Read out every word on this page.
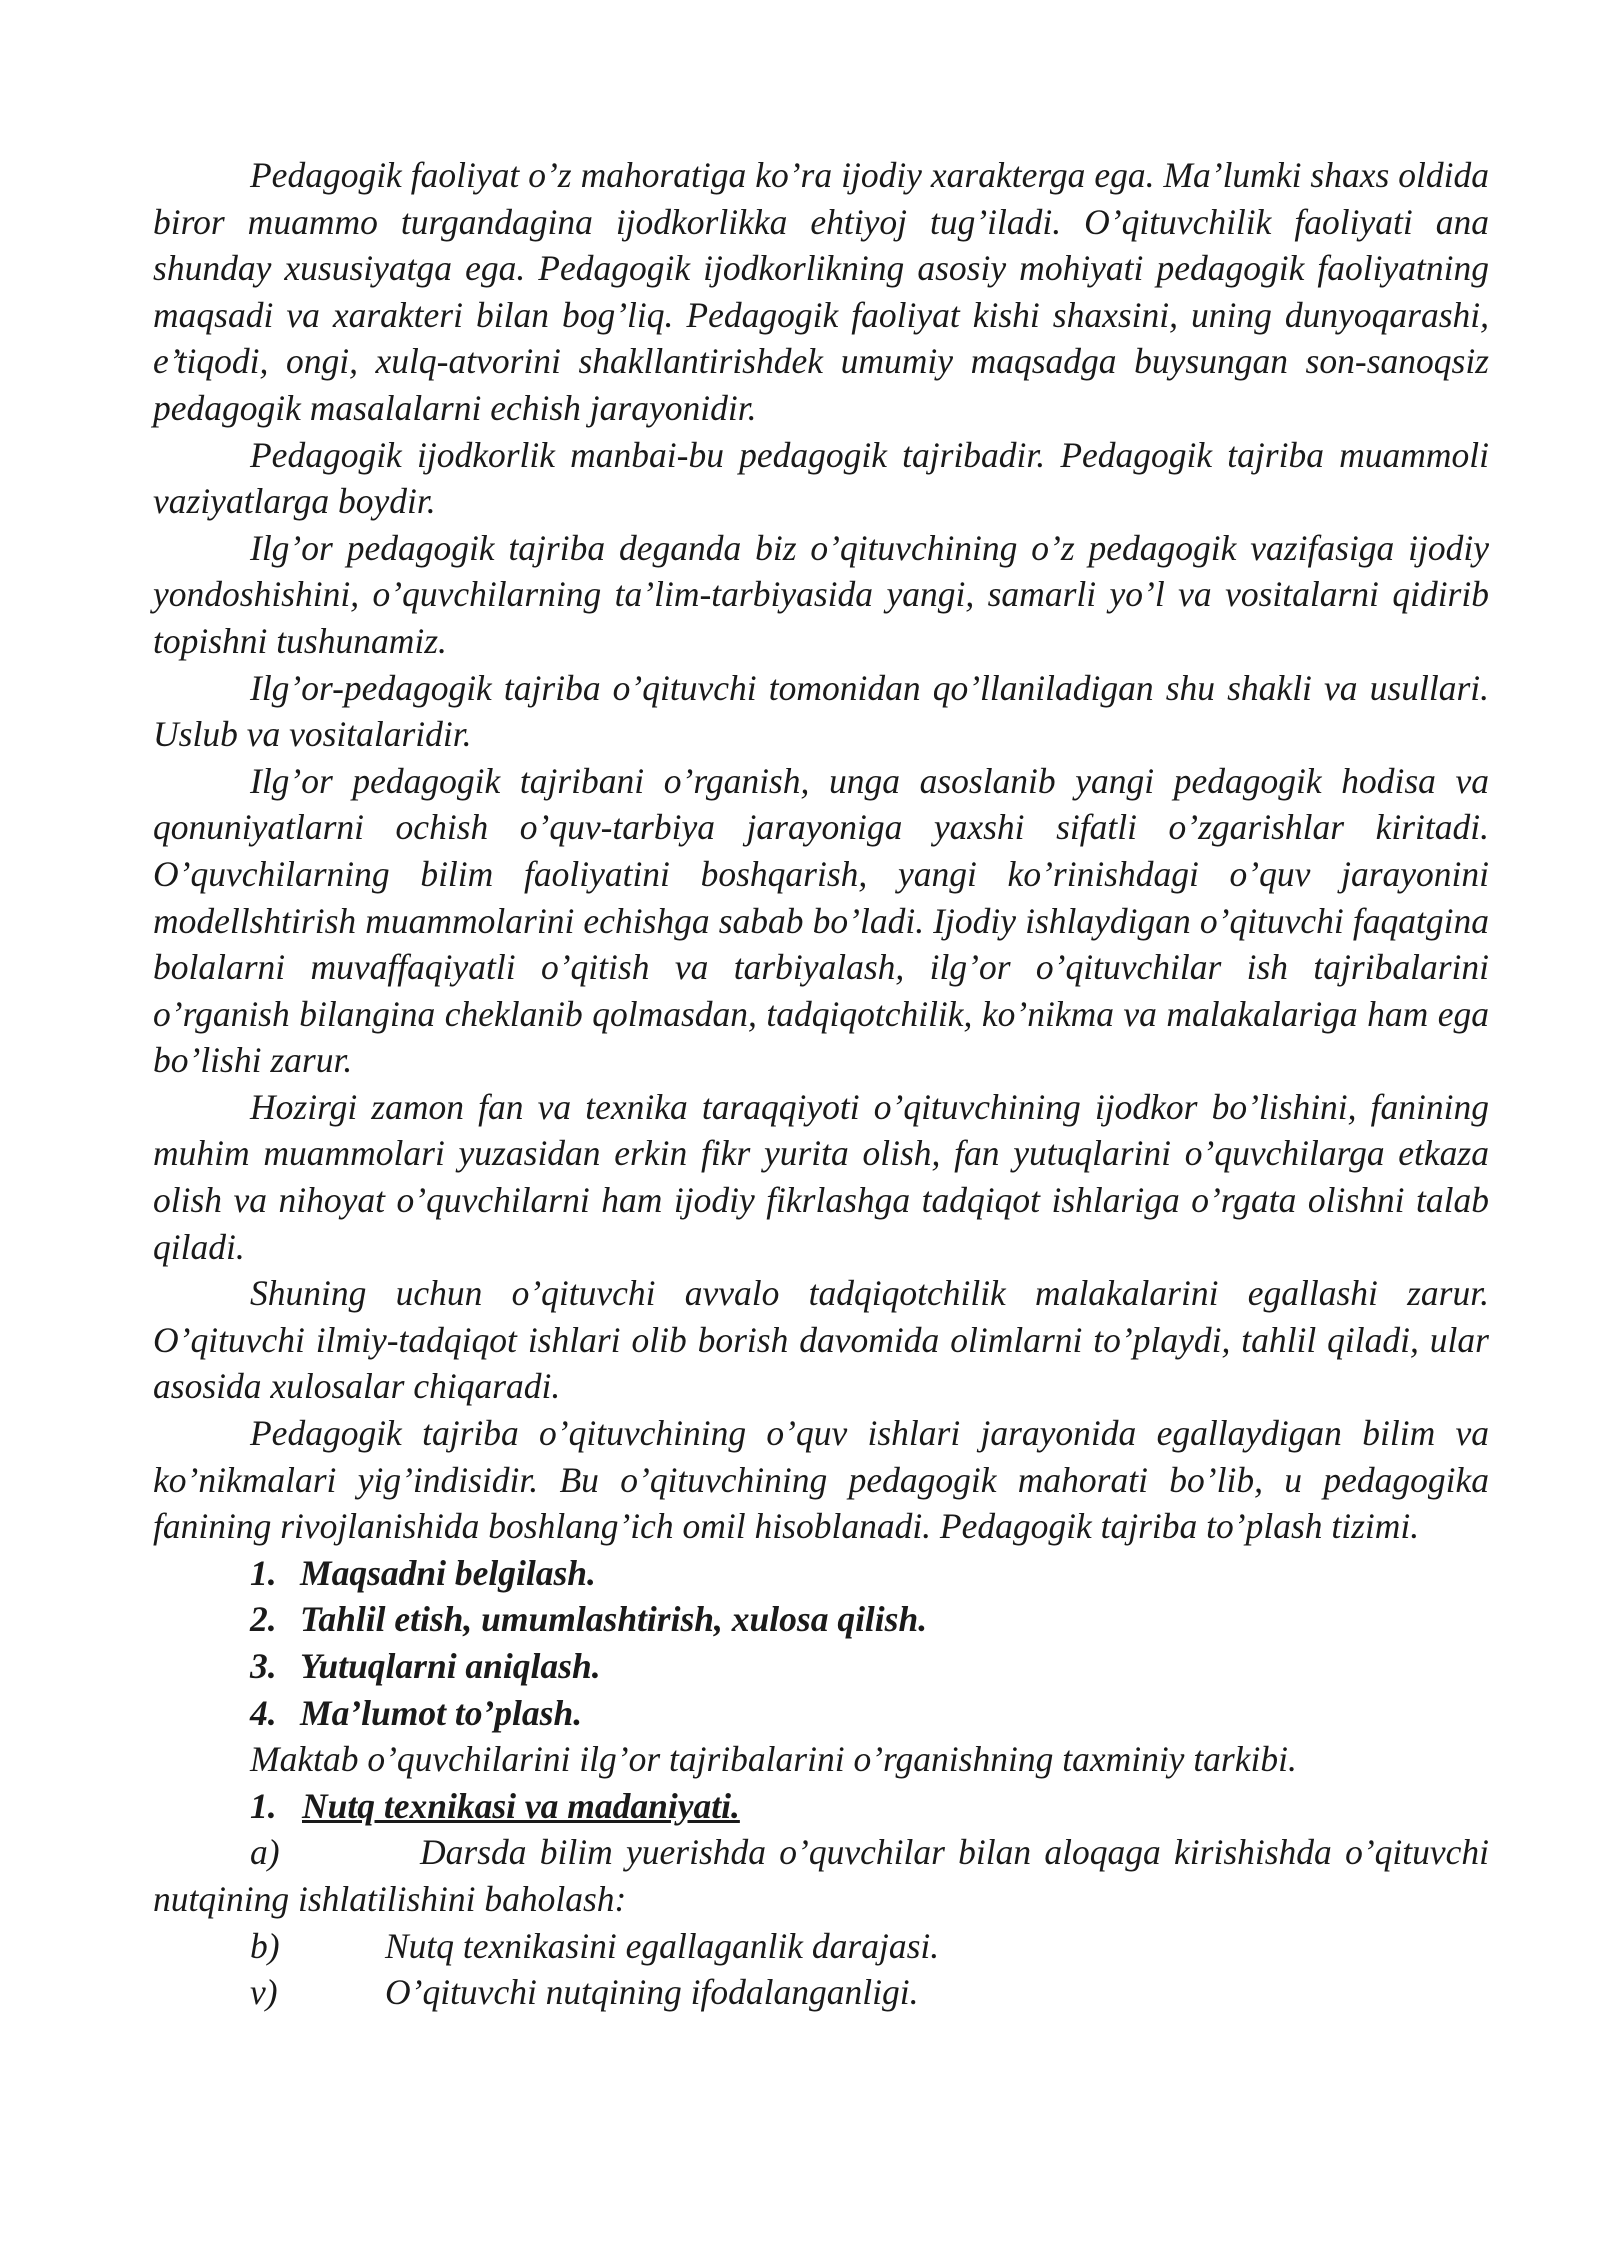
Pedagogik faoliyat o’z mahoratiga ko’ra ijodiy xarakterga ega. Ma’lumki shaxs oldida biror muammo turgandagina ijodkorlikka ehtiyoj tug’iladi. O’qituvchilik faoliyati ana shunday xususiyatga ega. Pedagogik ijodkorlikning asosiy mohiyati pedagogik faoliyatning maqsadi va xarakteri bilan bog’liq. Pedagogik faoliyat kishi shaxsini, uning dunyoqarashi, e’tiqodi, ongi, xulq-atvorini shakllantirishdek umumiy maqsadga buysungan son-sanoqsiz pedagogik masalalarni echish jarayonidir.

Pedagogik ijodkorlik manbai-bu pedagogik tajribadir. Pedagogik tajriba muammoli vaziyatlarga boydir.

Ilg’or pedagogik tajriba deganda biz o’qituvchining o’z pedagogik vazifasiga ijodiy yondoshishini, o’quvchilarning ta’lim-tarbiyasida yangi, samarli yo’l va vositalarni qidirib topishni tushunamiz.

Ilg’or-pedagogik tajriba o’qituvchi tomonidan qo’llaniladigan shu shakli va usullari. Uslub va vositalaridir.

Ilg’or pedagogik tajribani o’rganish, unga asoslanib yangi pedagogik hodisa va qonuniyatlarni ochish o’quv-tarbiya jarayoniga yaxshi sifatli o’zgarishlar kiritadi. O’quvchilarning bilim faoliyatini boshqarish, yangi ko’rinishdagi o’quv jarayonini modellshtirish muammolarini echishga sabab bo’ladi. Ijodiy ishlaydigan o’qituvchi faqatgina bolalarni muvaffaqiyatli o’qitish va tarbiyalash, ilg’or o’qituvchilar ish tajribalarini o’rganish bilangina cheklanib qolmasdan, tadqiqotchilik, ko’nikma va malakalariga ham ega bo’lishi zarur.

Hozirgi zamon fan va texnika taraqqiyoti o’qituvchining ijodkor bo’lishini, fanining muhim muammolari yuzasidan erkin fikr yurita olish, fan yutuqlarini o’quvchilarga etkaza olish va nihoyat o’quvchilarni ham ijodiy fikrlashga tadqiqot ishlariga o’rgata olishni talab qiladi.

Shuning uchun o’qituvchi avvalo tadqiqotchilik malakalarini egallashi zarur. O’qituvchi ilmiy-tadqiqot ishlari olib borish davomida olimlarni to’playdi, tahlil qiladi, ular asosida xulosalar chiqaradi.

Pedagogik tajriba o’qituvchining o’quv ishlari jarayonida egallaydigan bilim va ko’nikmalari yig’indisidir. Bu o’qituvchining pedagogik mahorati bo’lib, u pedagogika fanining rivojlanishida boshlang’ich omil hisoblanadi. Pedagogik tajriba to’plash tizimi.

1. Maqsadni belgilash.
2. Tahlil etish, umumlashtirish, xulosa qilish.
3. Yutuqlarni aniqlash.
4. Ma’lumot to’plash.

Maktab o’quvchilarini ilg’or tajribalarini o’rganishning taxminiy tarkibi.

1. Nutq texnikasi va madaniyati.

a)	Darsda bilim yuerishda o’quvchilar bilan aloqaga kirishishda o’qituvchi nutqining ishlatilishini baholash:

b)	Nutq texnikasini egallaganlik darajasi.

v)	O’qituvchi nutqining ifodalanganligi.
